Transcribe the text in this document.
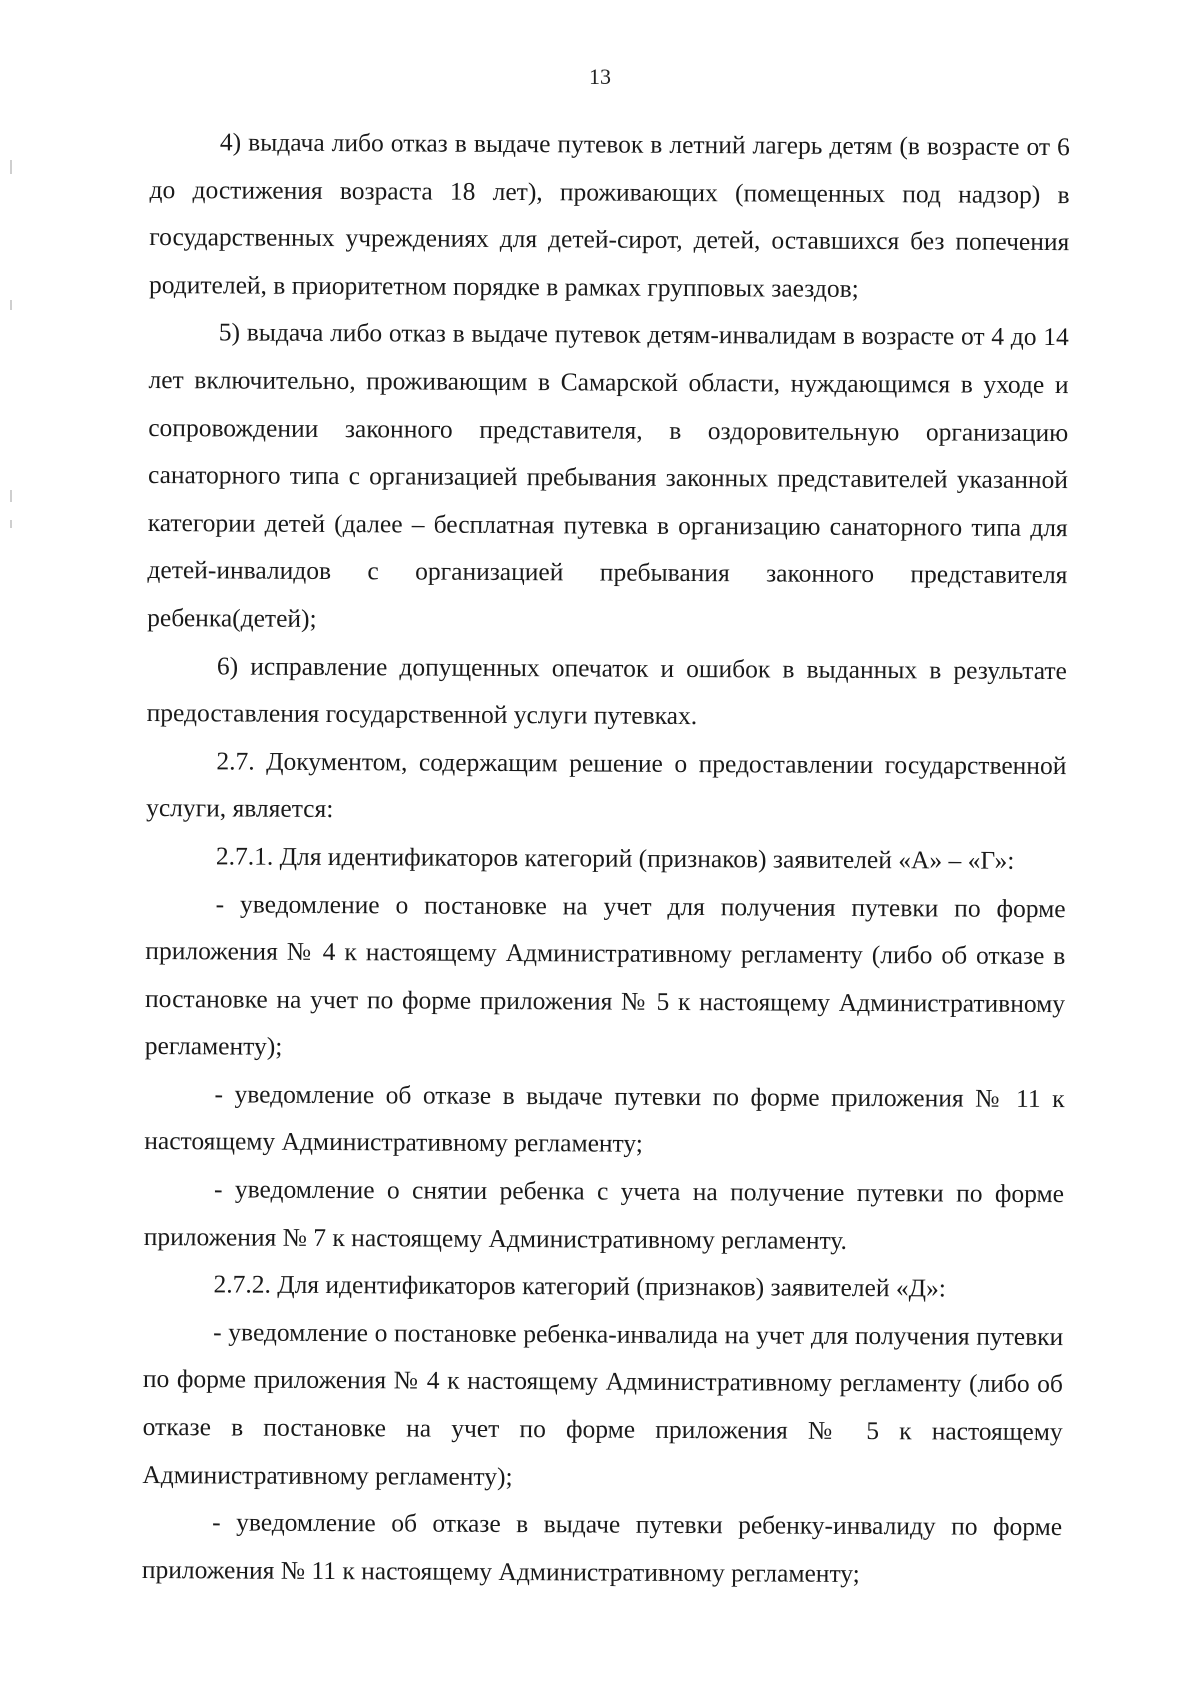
13

4) выдача либо отказ в выдаче путевок в летний лагерь детям (в возрасте от 6 до достижения возраста 18 лет), проживающих (помещенных под надзор) в государственных учреждениях для детей-сирот, детей, оставшихся без попечения родителей, в приоритетном порядке в рамках групповых заездов;

5) выдача либо отказ в выдаче путевок детям-инвалидам в возрасте от 4 до 14 лет включительно, проживающим в Самарской области, нуждающимся в уходе и сопровождении законного представителя, в оздоровительную организацию санаторного типа с организацией пребывания законных представителей указанной категории детей (далее – бесплатная путевка в организацию санаторного типа для детей-инвалидов с организацией пребывания законного представителя ребенка(детей);

6) исправление допущенных опечаток и ошибок в выданных в результате предоставления государственной услуги путевках.

2.7. Документом, содержащим решение о предоставлении государственной услуги, является:

2.7.1. Для идентификаторов категорий (признаков) заявителей «А» – «Г»:

- уведомление о постановке на учет для получения путевки по форме приложения № 4 к настоящему Административному регламенту (либо об отказе в постановке на учет по форме приложения № 5 к настоящему Административному регламенту);

- уведомление об отказе в выдаче путевки по форме приложения № 11 к настоящему Административному регламенту;

- уведомление о снятии ребенка с учета на получение путевки по форме приложения № 7 к настоящему Административному регламенту.

2.7.2. Для идентификаторов категорий (признаков) заявителей «Д»:

- уведомление о постановке ребенка-инвалида на учет для получения путевки по форме приложения № 4 к настоящему Административному регламенту (либо об отказе в постановке на учет по форме приложения № 5 к настоящему Административному регламенту);

- уведомление об отказе в выдаче путевки ребенку-инвалиду по форме приложения № 11 к настоящему Административному регламенту;
